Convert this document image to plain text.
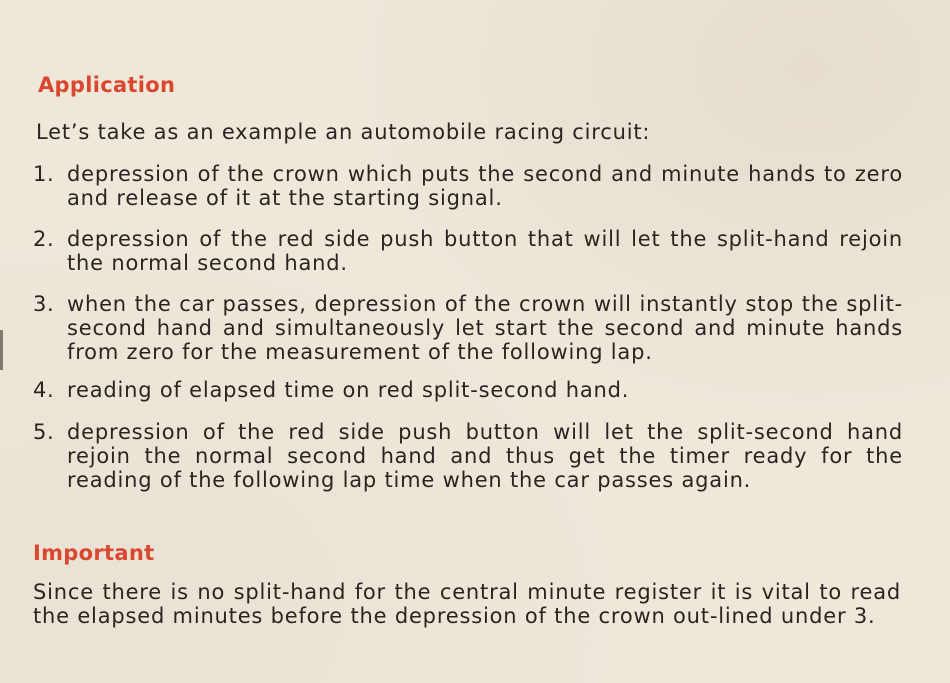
Application
Let’s take as an example an automobile racing circuit:
1. depression of the crown which puts the second and minute hands to zero and release of it at the starting signal.
2. depression of the red side push button that will let the split-hand rejoin the normal second hand.
3. when the car passes, depression of the crown will instantly stop the split-second hand and simultaneously let start the second and minute hands from zero for the measurement of the following lap.
4. reading of elapsed time on red split-second hand.
5. depression of the red side push button will let the split-second hand rejoin the normal second hand and thus get the timer ready for the reading of the following lap time when the car passes again.
Important
Since there is no split-hand for the central minute register it is vital to read the elapsed minutes before the depression of the crown out-lined under 3.
